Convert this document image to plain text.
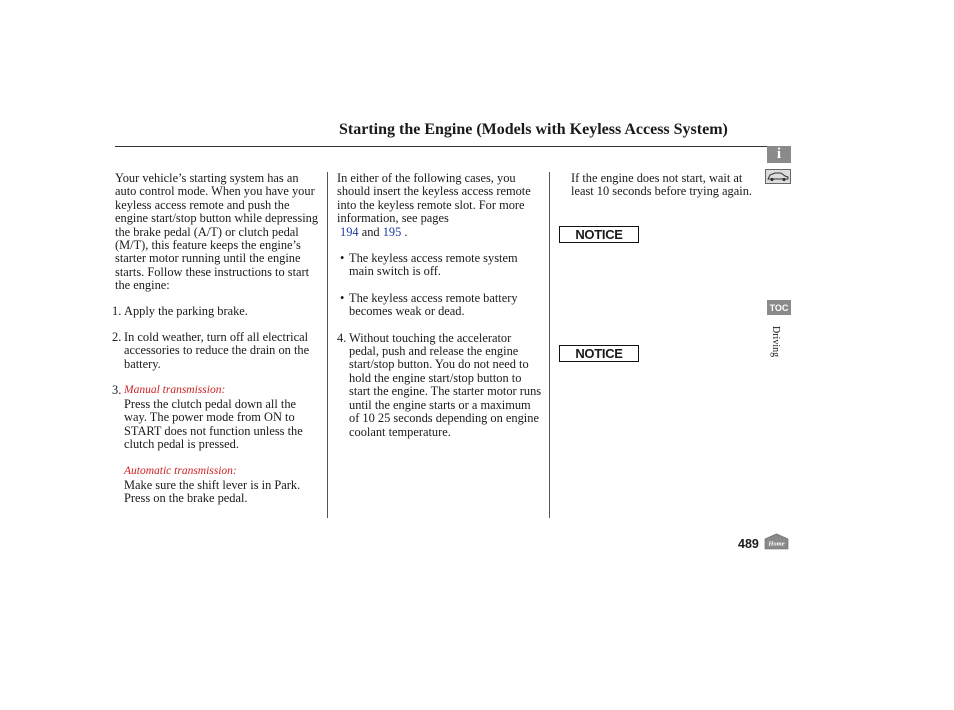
Starting the Engine (Models with Keyless Access System)

Your vehicle’s starting system has an auto control mode. When you have your keyless access remote and push the engine start/stop button while depressing the brake pedal (A/T) or clutch pedal (M/T), this feature keeps the engine’s starter motor running until the engine starts. Follow these instructions to start the engine:

1. Apply the parking brake.

2. In cold weather, turn off all electrical accessories to reduce the drain on the battery.

3. Manual transmission:

Press the clutch pedal down all the way. The power mode from ON to START does not function unless the clutch pedal is pressed.

Automatic transmission:

Make sure the shift lever is in Park. Press on the brake pedal.

In either of the following cases, you should insert the keyless access remote into the keyless remote slot. For more information, see pages
194 and 195 .

• The keyless access remote system main switch is off.

• The keyless access remote battery becomes weak or dead.

4. Without touching the accelerator pedal, push and release the engine start/stop button. You do not need to hold the engine start/stop button to start the engine. The starter motor runs until the engine starts or a maximum of 10 25 seconds depending on engine coolant temperature.

If the engine does not start, wait at least 10 seconds before trying again.

NOTICE
NOTICE
i
TOC
Driving
489 Home
